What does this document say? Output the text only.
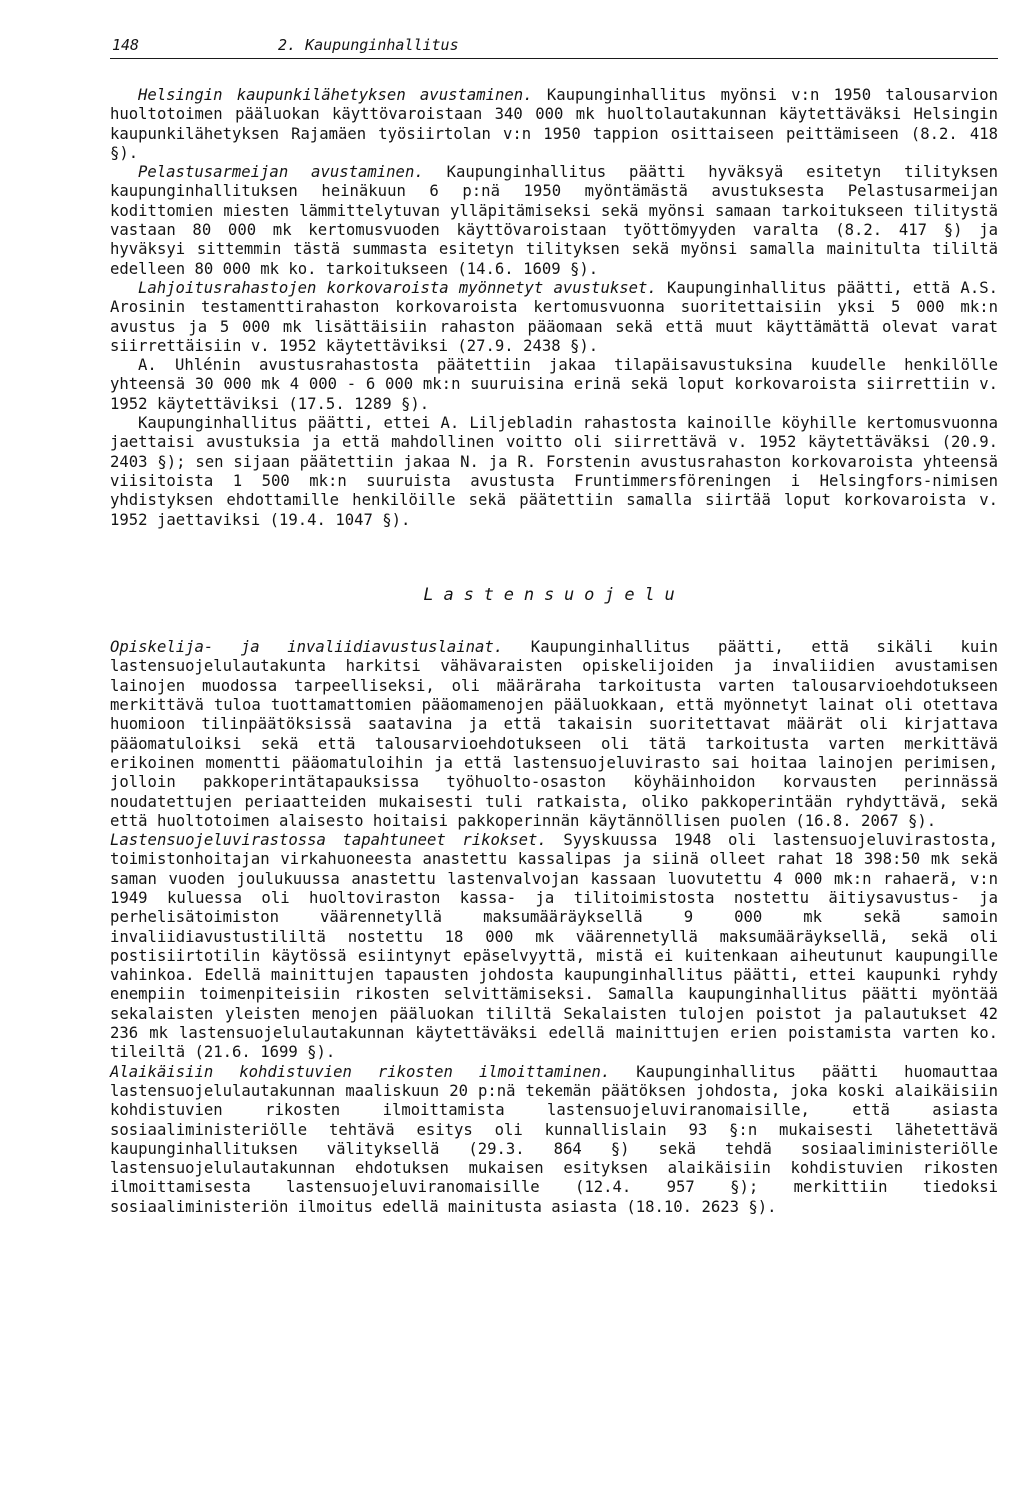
148	2. Kaupunginhallitus

Helsingin kaupunkilähetyksen avustaminen. Kaupunginhallitus myönsi v:n 1950 talousarvion huoltotoimen pääluokan käyttövaroistaan 340 000 mk huoltolautakunnan käytettäväksi Helsingin kaupunkilähetyksen Rajamäen työsiirtolan v:n 1950 tappion osittaiseen peittämiseen (8.2. 418 §).

Pelastusarmeijan avustaminen. Kaupunginhallitus päätti hyväksyä esitetyn tilityksen kaupunginhallituksen heinäkuun 6 p:nä 1950 myöntämästä avustuksesta Pelastusarmeijan kodittomien miesten lämmittelytuvan ylläpitämiseksi sekä myönsi samaan tarkoitukseen tilitystä vastaan 80 000 mk kertomusvuoden käyttövaroistaan työttömyyden varalta (8.2. 417 §) ja hyväksyi sittemmin tästä summasta esitetyn tilityksen sekä myönsi samalla mainitulta tililtä edelleen 80 000 mk ko. tarkoitukseen (14.6. 1609 §).

Lahjoitusrahastojen korkovaroista myönnetyt avustukset. Kaupunginhallitus päätti, että A.S. Arosinin testamenttirahaston korkovaroista kertomusvuonna suoritettaisiin yksi 5 000 mk:n avustus ja 5 000 mk lisättäisiin rahaston pääomaan sekä että muut käyttämättä olevat varat siirrettäisiin v. 1952 käytettäviksi (27.9. 2438 §).

A. Uhlénin avustusrahastosta päätettiin jakaa tilapäisavustuksina kuudelle henkilölle yhteensä 30 000 mk 4 000 - 6 000 mk:n suuruisina erinä sekä loput korkovaroista siirrettiin v. 1952 käytettäviksi (17.5. 1289 §).

Kaupunginhallitus päätti, ettei A. Liljebladin rahastosta kainoille köyhille kertomusvuonna jaettaisi avustuksia ja että mahdollinen voitto oli siirrettävä v. 1952 käytettäväksi (20.9. 2403 §); sen sijaan päätettiin jakaa N. ja R. Forstenin avustusrahaston korkovaroista yhteensä viisitoista 1 500 mk:n suuruista avustusta Fruntimmersföreningen i Helsingfors-nimisen yhdistyksen ehdottamille henkilöille sekä päätettiin samalla siirtää loput korkovaroista v. 1952 jaettaviksi (19.4. 1047 §).

Lastensuojelu

Opiskelija- ja invaliidiavustuslainat. Kaupunginhallitus päätti, että sikäli kuin lastensuojelulautakunta harkitsi vähävaraisten opiskelijoiden ja invaliidien avustamisen lainojen muodossa tarpeelliseksi, oli määräraha tarkoitusta varten talousarvioehdotukseen merkittävä tuloa tuottamattomien pääomamenojen pääluokkaan, että myönnetyt lainat oli otettava huomioon tilinpäätöksissä saatavina ja että takaisin suoritettavat määrät oli kirjattava pääomatuloiksi sekä että talousarvioehdotukseen oli tätä tarkoitusta varten merkittävä erikoinen momentti pääomatuloihin ja että lastensuojeluvirasto sai hoitaa lainojen perimisen, jolloin pakkoperintätapauksissa työhuolto-osaston köyhäinhoidon korvausten perinnässä noudatettujen periaatteiden mukaisesti tuli ratkaista, oliko pakkoperintään ryhdyttävä, sekä että huoltotoimen alaisesto hoitaisi pakkoperinnän käytännöllisen puolen (16.8. 2067 §).

Lastensuojeluvirastossa tapahtuneet rikokset. Syyskuussa 1948 oli lastensuojeluvirastosta, toimistonhoitajan virkahuoneesta anastettu kassalipas ja siinä olleet rahat 18 398:50 mk sekä saman vuoden joulukuussa anastettu lastenvalvojan kassaan luovutettu 4 000 mk:n rahaerä, v:n 1949 kuluessa oli huoltoviraston kassa- ja tilitoimistosta nostettu äitiysavustus- ja perhelisätoimiston väärennetyllä maksumääräyksellä 9 000 mk sekä samoin invaliidiavustustililtä nostettu 18 000 mk väärennetyllä maksumääräyksellä, sekä oli postisiirtotilin käytössä esiintynyt epäselvyyttä, mistä ei kuitenkaan aiheutunut kaupungille vahinkoa. Edellä mainittujen tapausten johdosta kaupunginhallitus päätti, ettei kaupunki ryhdy enempiin toimenpiteisiin rikosten selvittämiseksi. Samalla kaupunginhallitus päätti myöntää sekalaisten yleisten menojen pääluokan tililtä Sekalaisten tulojen poistot ja palautukset 42 236 mk lastensuojelulautakunnan käytettäväksi edellä mainittujen erien poistamista varten ko. tileiltä (21.6. 1699 §).

Alaikäisiin kohdistuvien rikosten ilmoittaminen. Kaupunginhallitus päätti huomauttaa lastensuojelulautakunnan maaliskuun 20 p:nä tekemän päätöksen johdosta, joka koski alaikäisiin kohdistuvien rikosten ilmoittamista lastensuojeluviranomaisille, että asiasta sosiaaliministeriölle tehtävä esitys oli kunnallislain 93 §:n mukaisesti lähetettävä kaupunginhallituksen välityksellä (29.3. 864 §) sekä tehdä sosiaaliministeriölle lastensuojelulautakunnan ehdotuksen mukaisen esityksen alaikäisiin kohdistuvien rikosten ilmoittamisesta lastensuojeluviranomaisille (12.4. 957 §); merkittiin tiedoksi sosiaaliministeriön ilmoitus edellä mainitusta asiasta (18.10. 2623 §).
